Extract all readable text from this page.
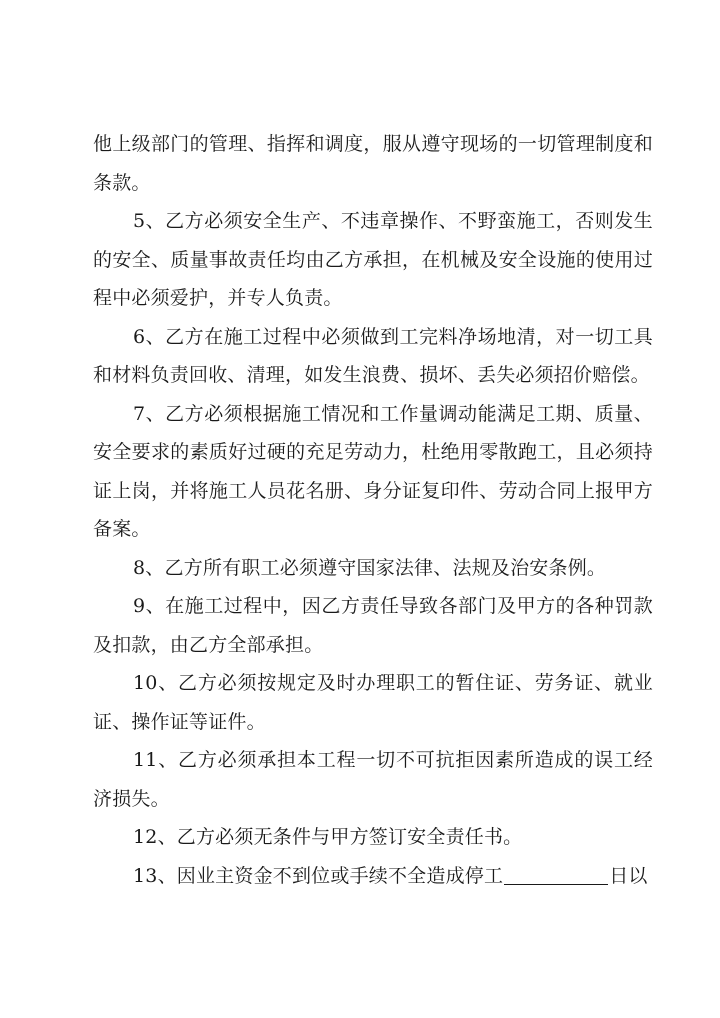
他上级部门的管理、指挥和调度，服从遵守现场的一切管理制度和条款。

5、乙方必须安全生产、不违章操作、不野蛮施工，否则发生的安全、质量事故责任均由乙方承担，在机械及安全设施的使用过程中必须爱护，并专人负责。

6、乙方在施工过程中必须做到工完料净场地清，对一切工具和材料负责回收、清理，如发生浪费、损坏、丢失必须招价赔偿。

7、乙方必须根据施工情况和工作量调动能满足工期、质量、安全要求的素质好过硬的充足劳动力，杜绝用零散跑工，且必须持证上岗，并将施工人员花名册、身分证复印件、劳动合同上报甲方备案。

8、乙方所有职工必须遵守国家法律、法规及治安条例。

9、在施工过程中，因乙方责任导致各部门及甲方的各种罚款及扣款，由乙方全部承担。

10、乙方必须按规定及时办理职工的暂住证、劳务证、就业证、操作证等证件。

11、乙方必须承担本工程一切不可抗拒因素所造成的误工经济损失。

12、乙方必须无条件与甲方签订安全责任书。

13、因业主资金不到位或手续不全造成停工	日以
